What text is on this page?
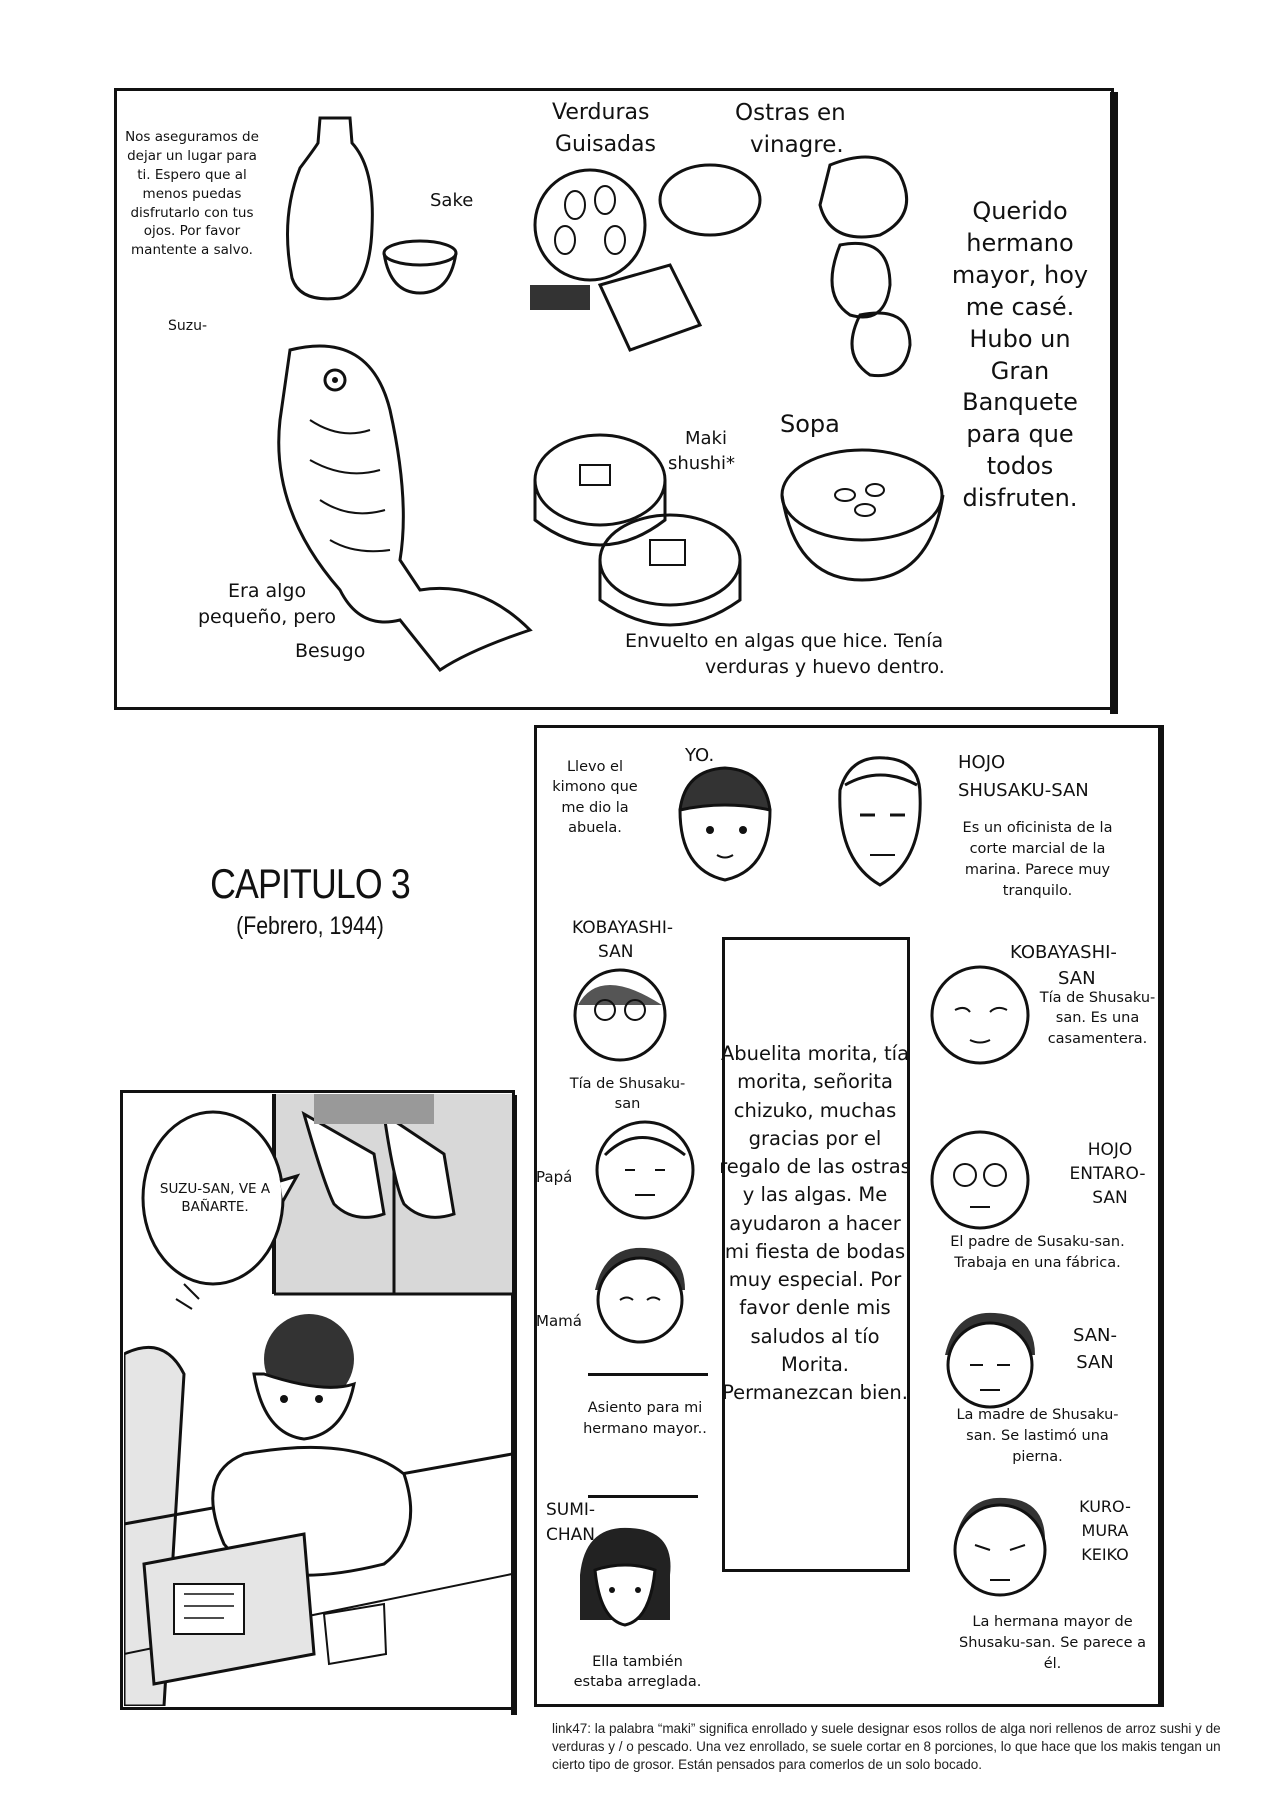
Nos aseguramos de dejar un lugar para ti. Espero que al menos puedas disfrutarlo con tus ojos. Por favor mantente a salvo.
Suzu-
Sake
Verduras
Guisadas
Ostras en
vinagre.
Querido hermano mayor, hoy me casé. Hubo un Gran Banquete para que todos disfruten.
Maki
shushi*
Sopa
Era algo
pequeño, pero
Besugo	Envuelto en algas que hice. Tenía
verduras y huevo dentro.
CAPITULO 3
(Febrero, 1944)
SUZU-SAN, VE A BAÑARTE.
Abuelita morita, tía morita, señorita chizuko, muchas gracias por el regalo de las ostras y las algas. Me ayudaron a hacer mi fiesta de bodas muy especial. Por favor denle mis saludos al tío Morita. Permanezcan bien.
YO.
Llevo el kimono que me dio la abuela.
HOJO
SHUSAKU-SAN
Es un oficinista de la corte marcial de la marina. Parece muy tranquilo.
KOBAYASHI-
SAN
Tía de Shusaku-san
KOBAYASHI-
SAN
Tía de Shusaku-san. Es una casamentera.
Papá
HOJO
ENTARO-
SAN
El padre de Susaku-san. Trabaja en una fábrica.
Mamá
Asiento para mi hermano mayor..
SAN-
SAN
La madre de Shusaku-san. Se lastimó una pierna.
SUMI-
CHAN
Ella también estaba arreglada.
KURO-
MURA
KEIKO
La hermana mayor de Shusaku-san. Se parece a él.
link47: la palabra “maki” significa enrollado y suele designar esos rollos de alga nori rellenos de arroz sushi y de verduras y / o pescado. Una vez enrollado, se suele cortar en 8 porciones, lo que hace que los makis tengan un cierto tipo de grosor. Están pensados para comerlos de un solo bocado.
